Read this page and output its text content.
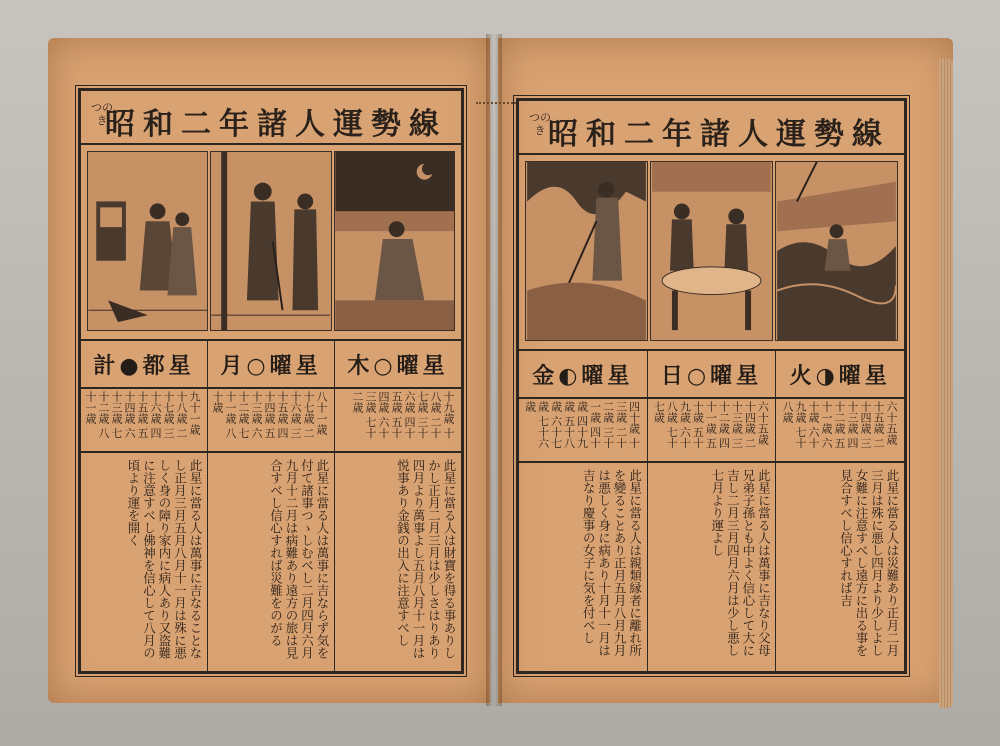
つのき
昭和二年諸人運勢線
計●都星	月○曜星	木○曜星
九十一歳 十八歳 二十七歳 三十六歳 四十五歳 五十四歳 六十三歳 七十二歳 八十一歳	八十一歳 十七歳 二十六歳 三十五歳 四十四歳 五十三歳 六十二歳 七十一歳 八十歳	十九歳 十八歳 二十七歳 三十六歳 四十五歳 五十四歳 六十三歳 七十二歳
此星に當る人は萬事に吉なることなし正月三月五月八月十一月は殊に悪しく身の障り家内に病人あり又盗難に注意すべし佛神を信心して八月の頃より運を開く	此星に當る人は萬事に吉ならず気を付て諸事つゝしむべし二月四月六月九月十二月は病難あり遠方の旅は見合すべし信心すれば災難をのがる	此星に當る人は財寶を得る事ありしかし正月二月三月は少しさはりあり四月より萬事よし五月八月十一月は悦事あり金銭の出入に注意すべし
つのき 昭和二年諸人運勢線
金◐曜星	日○曜星	火◑曜星
四十歳 十三歳 二十二歳 三十一歳 四十歳 四十九歳 五十八歳 六十七歳 七十六歳	六十五歳 十四歳 二十三歳 三十二歳 四十一歳 五十歳 五十九歳 六十八歳 七十七歳	六十五歳 十五歳 二十四歳 三十三歳 四十二歳 五十一歳 六十歳 六十九歳 七十八歳
此星に當る人は親類縁者に離れ所を變ることあり正月五月八月九月は悪しく身に病あり十月十一月は吉なり慶事の女子に気を付べし	此星に當る人は萬事に吉なり父母兄弟子孫とも中よく信心して大に吉し二月三月四月六月は少し悪し七月より運よし	此星に當る人は災難あり正月二月三月は殊に悪し四月より少しよし女難に注意すべし遠方に出る事を見合すべし信心すれば吉
